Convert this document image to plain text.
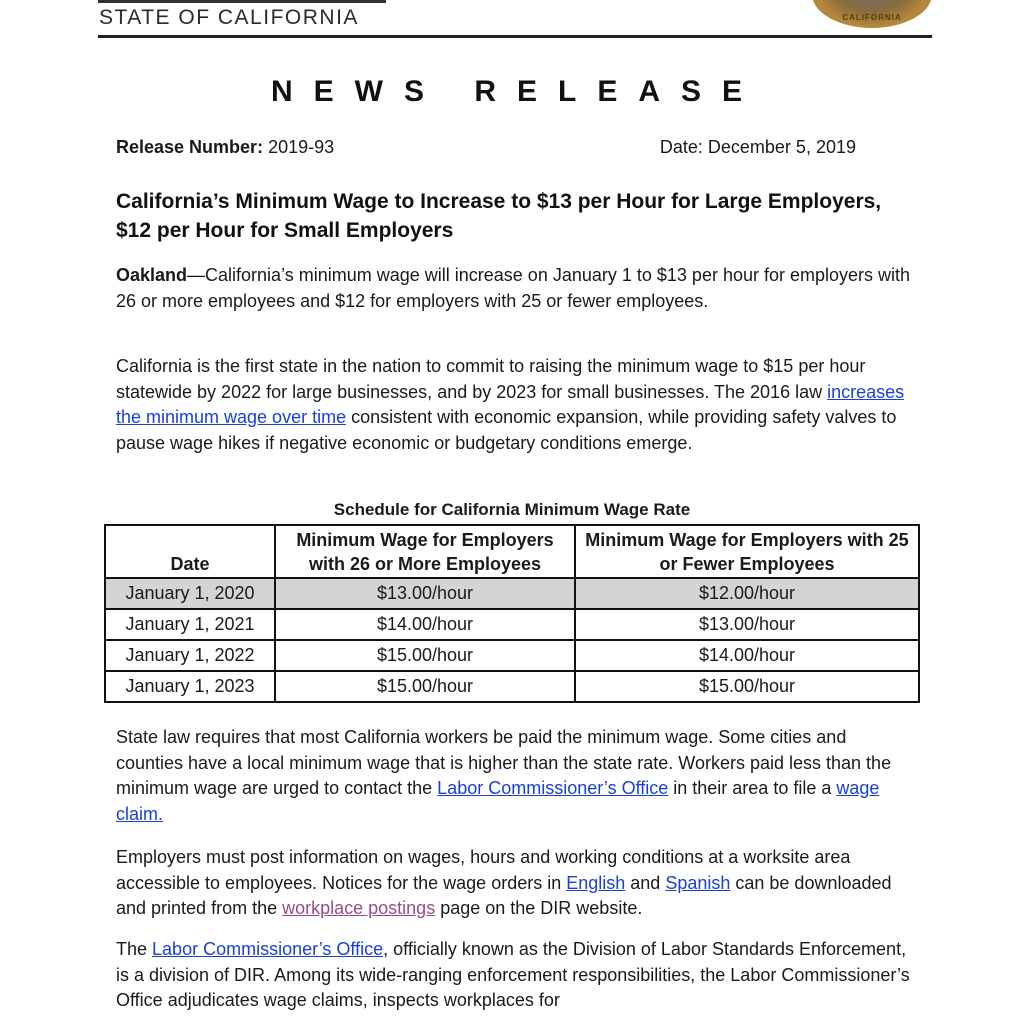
STATE OF CALIFORNIA	CALIFORNIA
NEWS RELEASE
Release Number: 2019-93	Date: December 5, 2019
California’s Minimum Wage to Increase to $13 per Hour for Large Employers, $12 per Hour for Small Employers
Oakland—California’s minimum wage will increase on January 1 to $13 per hour for employers with 26 or more employees and $12 for employers with 25 or fewer employees.
California is the first state in the nation to commit to raising the minimum wage to $15 per hour statewide by 2022 for large businesses, and by 2023 for small businesses. The 2016 law increases the minimum wage over time consistent with economic expansion, while providing safety valves to pause wage hikes if negative economic or budgetary conditions emerge.
Schedule for California Minimum Wage Rate
Date	Minimum Wage for Employers with 26 or More Employees	Minimum Wage for Employers with 25 or Fewer Employees
January 1, 2020	$13.00/hour	$12.00/hour
January 1, 2021	$14.00/hour	$13.00/hour
January 1, 2022	$15.00/hour	$14.00/hour
January 1, 2023	$15.00/hour	$15.00/hour
State law requires that most California workers be paid the minimum wage. Some cities and counties have a local minimum wage that is higher than the state rate. Workers paid less than the minimum wage are urged to contact the Labor Commissioner’s Office in their area to file a wage claim.
Employers must post information on wages, hours and working conditions at a worksite area accessible to employees. Notices for the wage orders in English and Spanish can be downloaded and printed from the workplace postings page on the DIR website.
The Labor Commissioner’s Office, officially known as the Division of Labor Standards Enforcement, is a division of DIR. Among its wide-ranging enforcement responsibilities, the Labor Commissioner’s Office adjudicates wage claims, inspects workplaces for
